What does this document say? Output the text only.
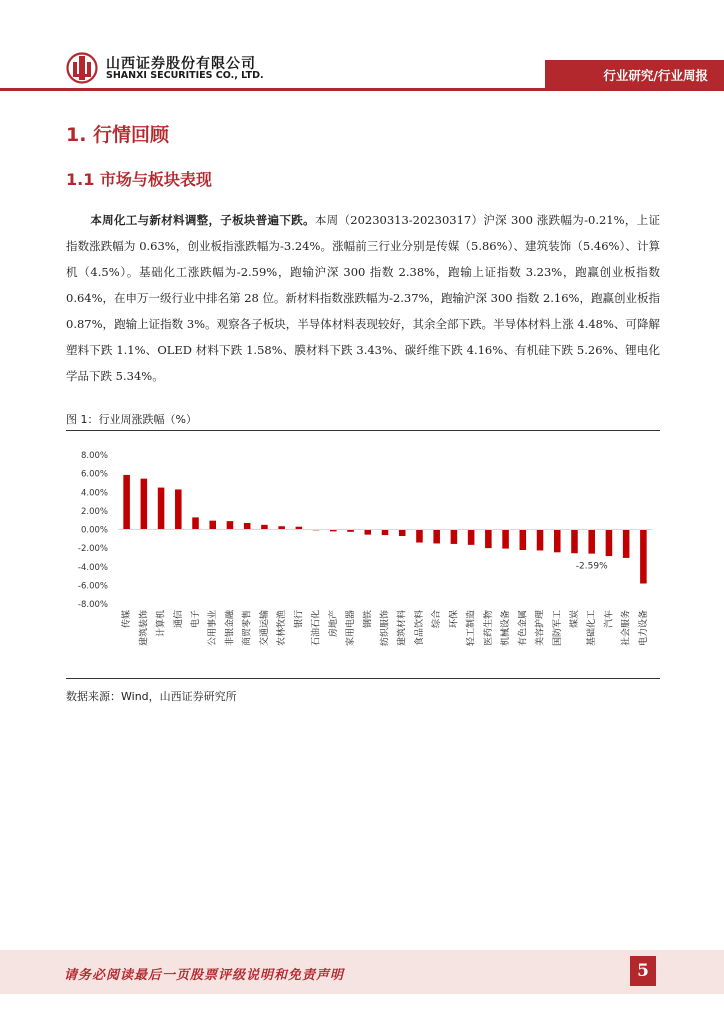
山西证券股份有限公司
SHANXI SECURITIES CO., LTD.	行业研究/行业周报
1. 行情回顾
1.1 市场与板块表现
本周化工与新材料调整，子板块普遍下跌。本周（20230313-20230317）沪深 300 涨跌幅为-0.21%，上证指数涨跌幅为 0.63%，创业板指涨跌幅为-3.24%。涨幅前三行业分别是传媒（5.86%）、建筑装饰（5.46%）、计算机（4.5%）。基础化工涨跌幅为-2.59%，跑输沪深 300 指数 2.38%，跑输上证指数 3.23%，跑赢创业板指数 0.64%，在申万一级行业中排名第 28 位。新材料指数涨跌幅为-2.37%，跑输沪深 300 指数 2.16%，跑赢创业板指 0.87%，跑输上证指数 3%。观察各子板块，半导体材料表现较好，其余全部下跌。半导体材料上涨 4.48%、可降解塑料下跌 1.1%、OLED 材料下跌 1.58%、膜材料下跌 3.43%、碳纤维下跌 4.16%、有机硅下跌 5.26%、锂电化学品下跌 5.34%。
图 1：行业周涨跌幅（%）
8.00%
6.00%
4.00%
2.00%
0.00%
-2.00%
-4.00%
-6.00%
-8.00%
传媒 建筑装饰 计算机 通信 电子 公用事业 非银金融 商贸零售 交通运输 农林牧渔 银行 石油石化 房地产 家用电器 钢铁 纺织服饰 建筑材料 食品饮料 综合 环保 轻工制造 医药生物 机械设备 有色金属 美容护理 国防军工 煤炭 基础化工 汽车 社会服务 电力设备
-2.59%
数据来源：Wind，山西证券研究所
请务必阅读最后一页股票评级说明和免责声明	5
